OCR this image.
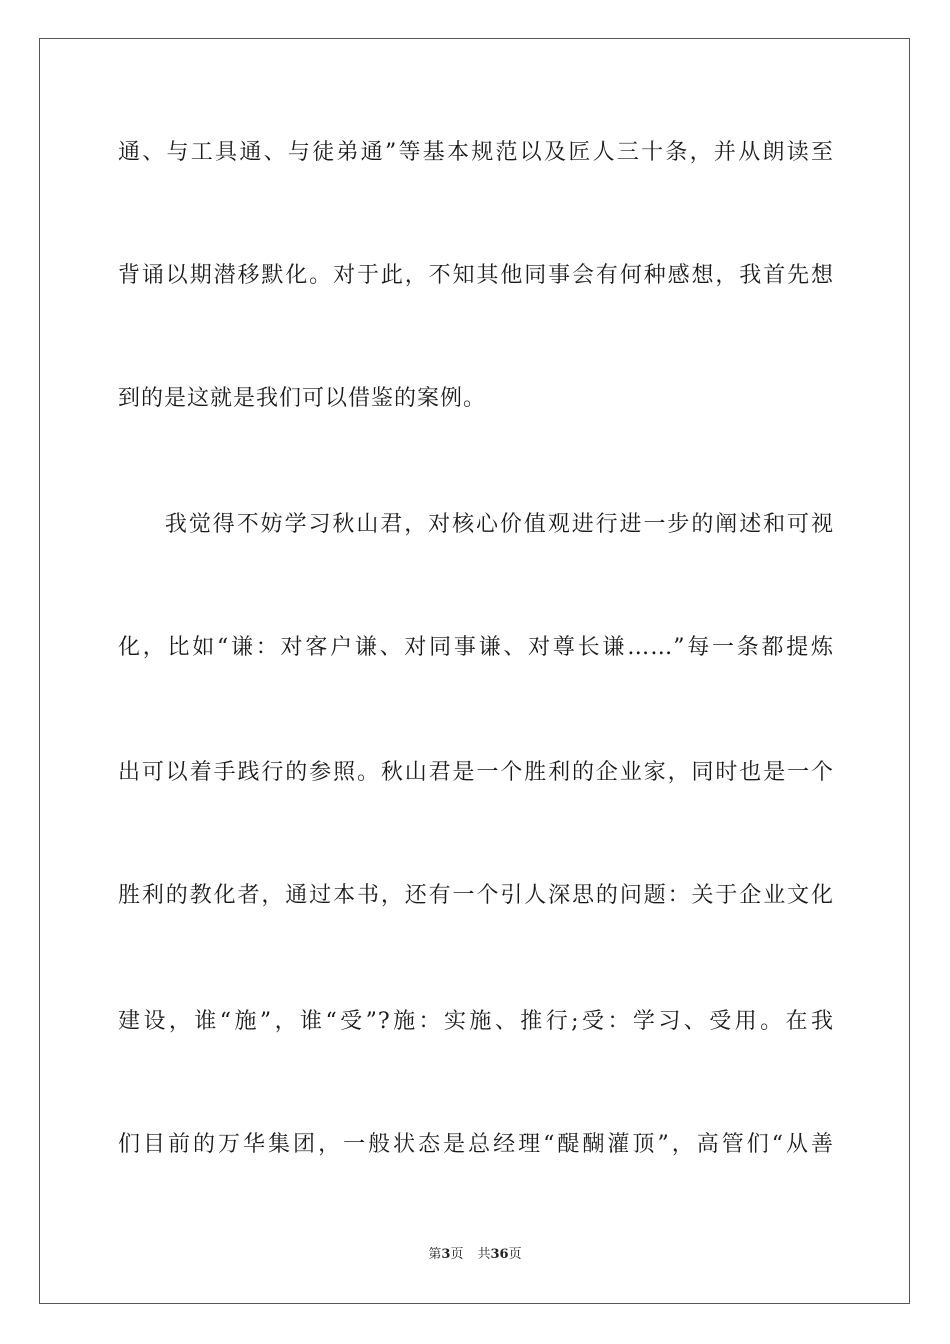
通、与工具通、与徒弟通”等基本规范以及匠人三十条，并从朗读至
背诵以期潜移默化。对于此，不知其他同事会有何种感想，我首先想
到的是这就是我们可以借鉴的案例。
我觉得不妨学习秋山君，对核心价值观进行进一步的阐述和可视
化，比如“谦：对客户谦、对同事谦、对尊长谦……”每一条都提炼
出可以着手践行的参照。秋山君是一个胜利的企业家，同时也是一个
胜利的教化者，通过本书，还有一个引人深思的问题：关于企业文化
建设，谁“施”，谁“受”?施：实施、推行;受：学习、受用。在我
们目前的万华集团，一般状态是总经理“醍醐灌顶”，高管们“从善
第3页 共36页
